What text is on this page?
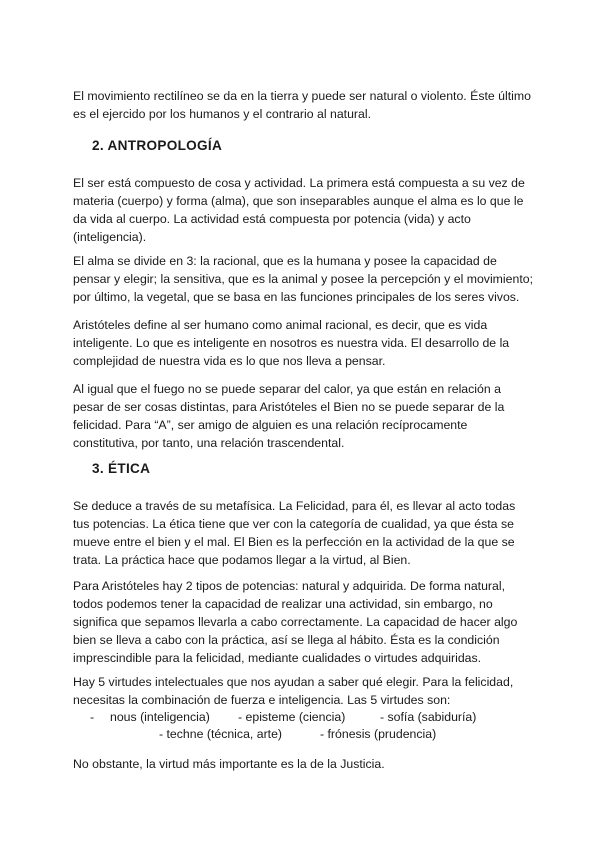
El movimiento rectilíneo se da en la tierra y puede ser natural o violento. Éste último es el ejercido por los humanos y el contrario al natural.

2. ANTROPOLOGÍA

El ser está compuesto de cosa y actividad. La primera está compuesta a su vez de materia (cuerpo) y forma (alma), que son inseparables aunque el alma es lo que le da vida al cuerpo. La actividad está compuesta por potencia (vida) y acto (inteligencia).

El alma se divide en 3: la racional, que es la humana y posee la capacidad de pensar y elegir; la sensitiva, que es la animal y posee la percepción y el movimiento; por último, la vegetal, que se basa en las funciones principales de los seres vivos.

Aristóteles define al ser humano como animal racional, es decir, que es vida inteligente. Lo que es inteligente en nosotros es nuestra vida. El desarrollo de la complejidad de nuestra vida es lo que nos lleva a pensar.

Al igual que el fuego no se puede separar del calor, ya que están en relación a pesar de ser cosas distintas, para Aristóteles el Bien no se puede separar de la felicidad. Para “A”, ser amigo de alguien es una relación recíprocamente constitutiva, por tanto, una relación trascendental.

3. ÉTICA

Se deduce a través de su metafísica. La Felicidad, para él, es llevar al acto todas tus potencias. La ética tiene que ver con la categoría de cualidad, ya que ésta se mueve entre el bien y el mal. El Bien es la perfección en la actividad de la que se trata. La práctica hace que podamos llegar a la virtud, al Bien.

Para Aristóteles hay 2 tipos de potencias: natural y adquirida. De forma natural, todos podemos tener la capacidad de realizar una actividad, sin embargo, no significa que sepamos llevarla a cabo correctamente. La capacidad de hacer algo bien se lleva a cabo con la práctica, así se llega al hábito. Ésta es la condición imprescindible para la felicidad, mediante cualidades o virtudes adquiridas.

Hay 5 virtudes intelectuales que nos ayudan a saber qué elegir. Para la felicidad, necesitas la combinación de fuerza e inteligencia. Las 5 virtudes son:

- nous (inteligencia) - episteme (ciencia)	- sofía (sabiduría)
- techne (técnica, arte)	- frónesis (prudencia)

No obstante, la virtud más importante es la de la Justicia.
